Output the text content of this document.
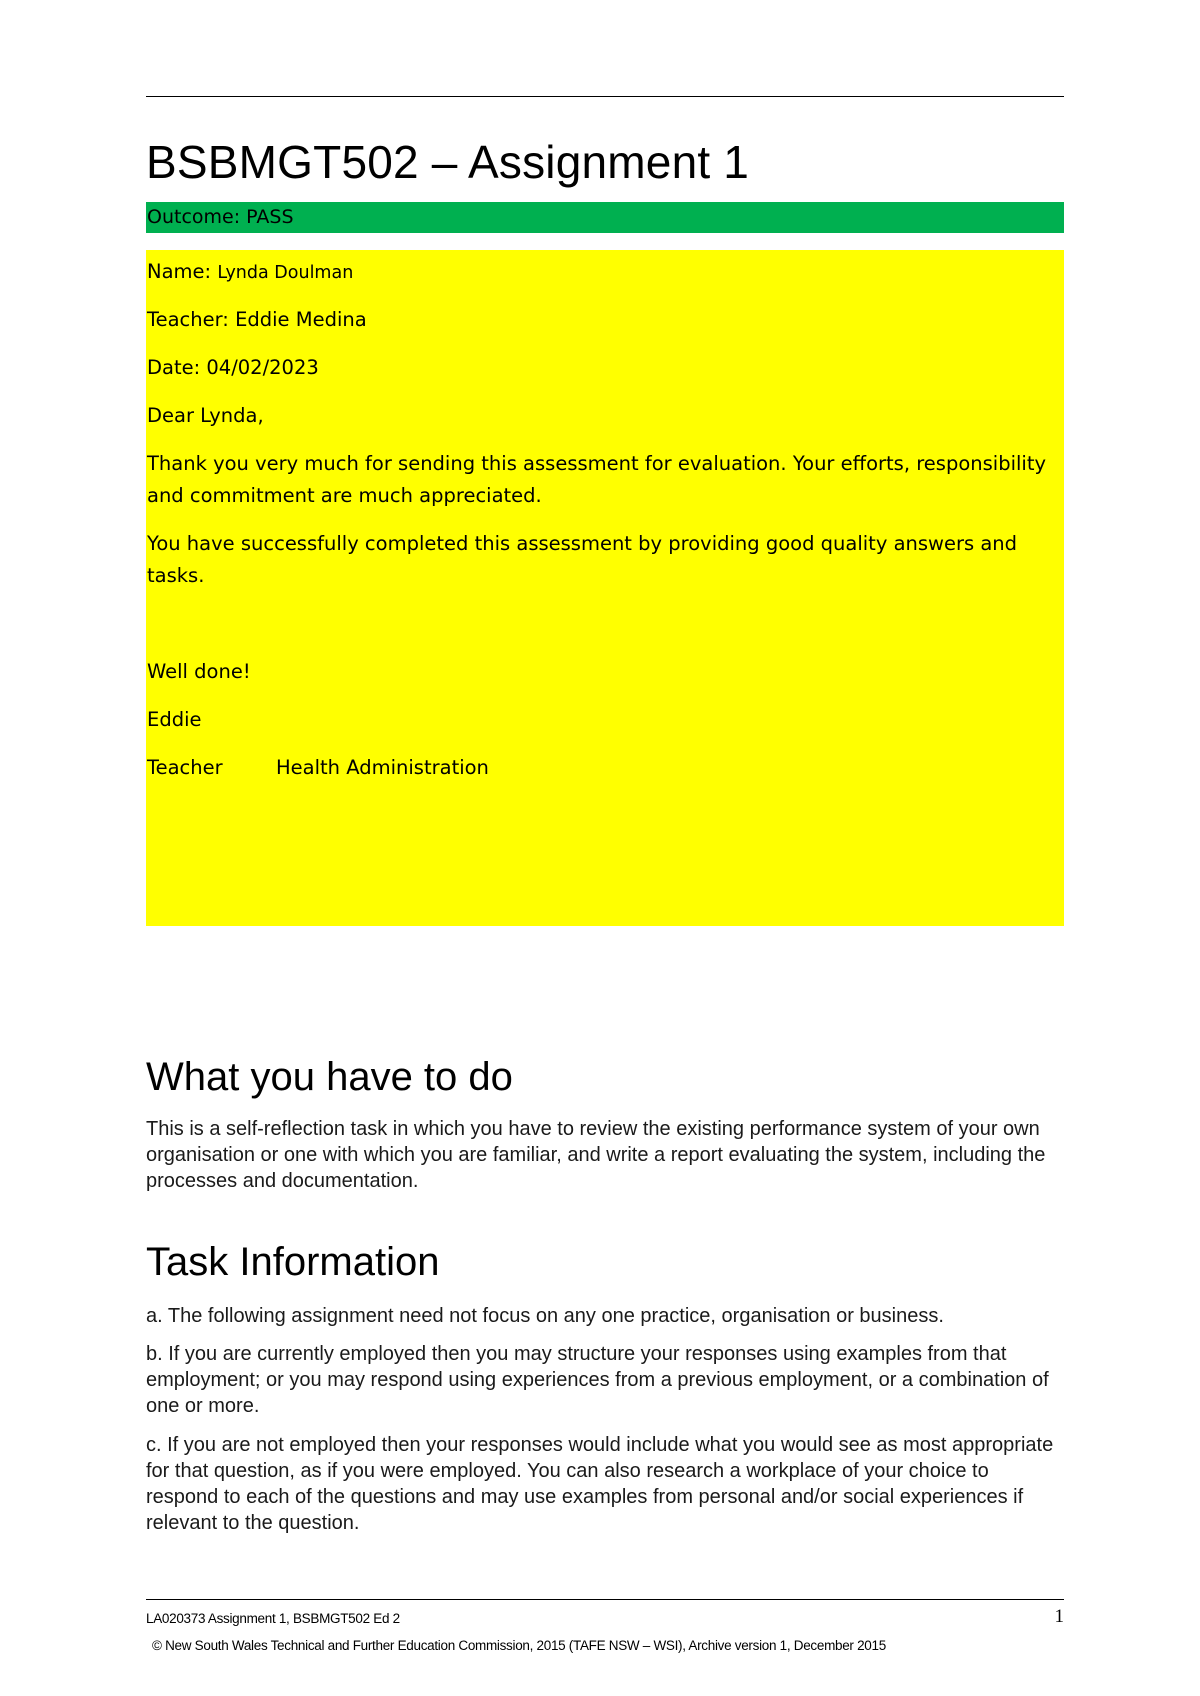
BSBMGT502 – Assignment 1
Outcome: PASS
Name: Lynda Doulman
Teacher: Eddie Medina
Date: 04/02/2023
Dear Lynda,
Thank you very much for sending this assessment for evaluation. Your efforts, responsibility and commitment are much appreciated.
You have successfully completed this assessment by providing good quality answers and tasks.
Well done!
Eddie
Teacher	Health Administration
What you have to do

This is a self-reflection task in which you have to review the existing performance system of your own organisation or one with which you are familiar, and write a report evaluating the system, including the processes and documentation.

Task Information

a. The following assignment need not focus on any one practice, organisation or business.

b. If you are currently employed then you may structure your responses using examples from that employment; or you may respond using experiences from a previous employment, or a combination of one or more.

c. If you are not employed then your responses would include what you would see as most appropriate for that question, as if you were employed. You can also research a workplace of your choice to respond to each of the questions and may use examples from personal and/or social experiences if relevant to the question.

LA020373 Assignment 1, BSBMGT502 Ed 2	1
© New South Wales Technical and Further Education Commission, 2015 (TAFE NSW – WSI), Archive version 1, December 2015
